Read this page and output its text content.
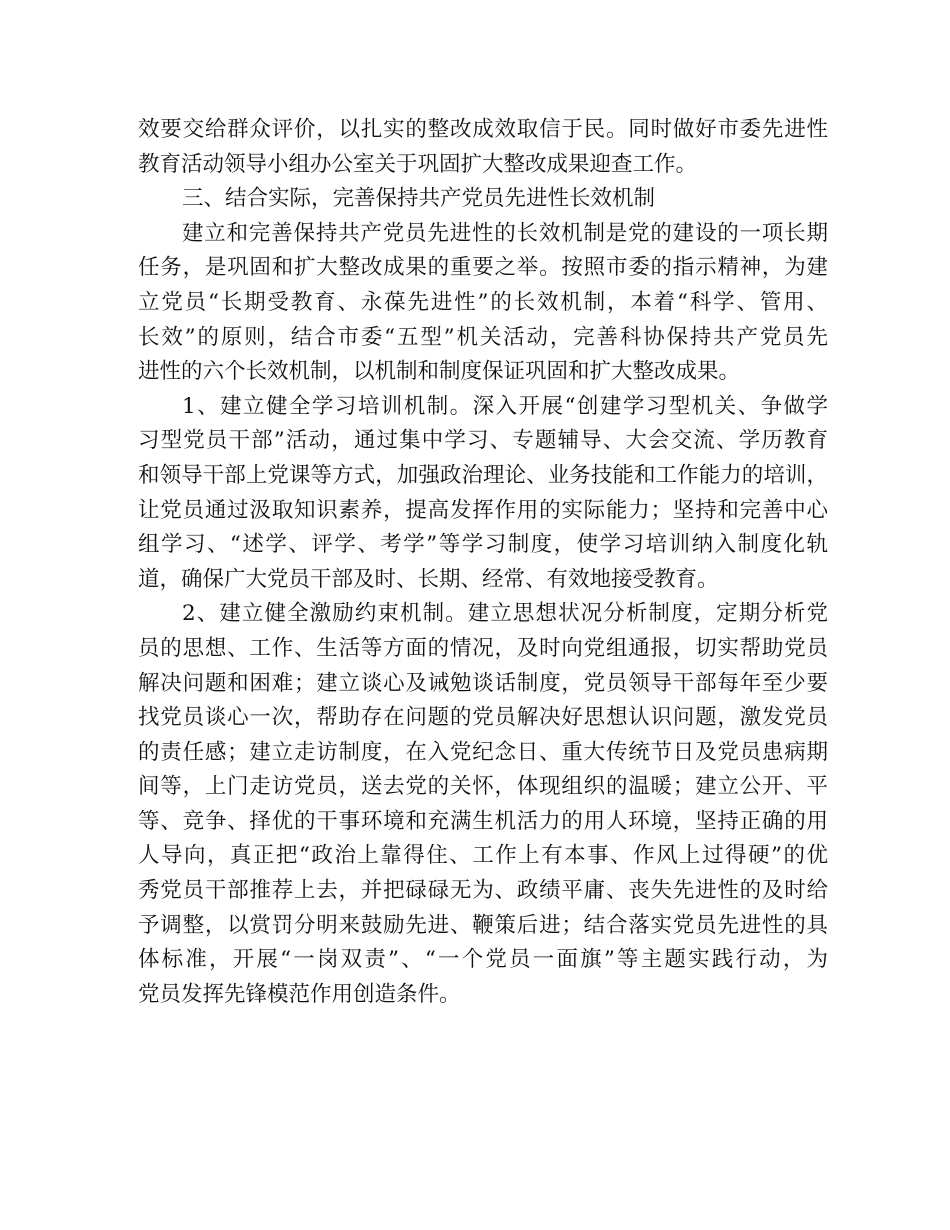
效要交给群众评价，以扎实的整改成效取信于民。同时做好市委先进性
教育活动领导小组办公室关于巩固扩大整改成果迎查工作。
三、结合实际，完善保持共产党员先进性长效机制
建立和完善保持共产党员先进性的长效机制是党的建设的一项长期
任务，是巩固和扩大整改成果的重要之举。按照市委的指示精神，为建
立党员“长期受教育、永葆先进性”的长效机制，本着“科学、管用、
长效”的原则，结合市委“五型”机关活动，完善科协保持共产党员先
进性的六个长效机制，以机制和制度保证巩固和扩大整改成果。
1、建立健全学习培训机制。深入开展“创建学习型机关、争做学
习型党员干部”活动，通过集中学习、专题辅导、大会交流、学历教育
和领导干部上党课等方式，加强政治理论、业务技能和工作能力的培训，
让党员通过汲取知识素养，提高发挥作用的实际能力；坚持和完善中心
组学习、“述学、评学、考学”等学习制度，使学习培训纳入制度化轨
道，确保广大党员干部及时、长期、经常、有效地接受教育。
2、建立健全激励约束机制。建立思想状况分析制度，定期分析党
员的思想、工作、生活等方面的情况，及时向党组通报，切实帮助党员
解决问题和困难；建立谈心及诫勉谈话制度，党员领导干部每年至少要
找党员谈心一次，帮助存在问题的党员解决好思想认识问题，激发党员
的责任感；建立走访制度，在入党纪念日、重大传统节日及党员患病期
间等，上门走访党员，送去党的关怀，体现组织的温暖；建立公开、平
等、竞争、择优的干事环境和充满生机活力的用人环境，坚持正确的用
人导向，真正把“政治上靠得住、工作上有本事、作风上过得硬”的优
秀党员干部推荐上去，并把碌碌无为、政绩平庸、丧失先进性的及时给
予调整，以赏罚分明来鼓励先进、鞭策后进；结合落实党员先进性的具
体标准，开展“一岗双责”、“一个党员一面旗”等主题实践行动，为
党员发挥先锋模范作用创造条件。
